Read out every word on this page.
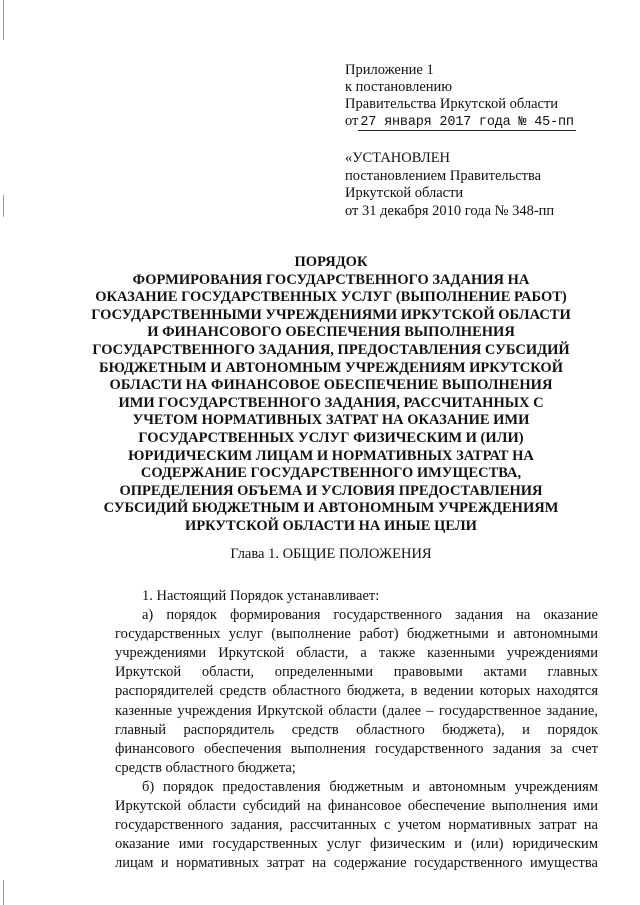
Приложение 1
к постановлению
Правительства Иркутской области
от 27 января 2017 года № 45-пп
«УСТАНОВЛЕН
постановлением Правительства
Иркутской области
от 31 декабря 2010 года № 348-пп
ПОРЯДОК
ФОРМИРОВАНИЯ ГОСУДАРСТВЕННОГО ЗАДАНИЯ НА
ОКАЗАНИЕ ГОСУДАРСТВЕННЫХ УСЛУГ (ВЫПОЛНЕНИЕ РАБОТ)
ГОСУДАРСТВЕННЫМИ УЧРЕЖДЕНИЯМИ ИРКУТСКОЙ ОБЛАСТИ
И ФИНАНСОВОГО ОБЕСПЕЧЕНИЯ ВЫПОЛНЕНИЯ
ГОСУДАРСТВЕННОГО ЗАДАНИЯ, ПРЕДОСТАВЛЕНИЯ СУБСИДИЙ
БЮДЖЕТНЫМ И АВТОНОМНЫМ УЧРЕЖДЕНИЯМ ИРКУТСКОЙ
ОБЛАСТИ НА ФИНАНСОВОЕ ОБЕСПЕЧЕНИЕ ВЫПОЛНЕНИЯ
ИМИ ГОСУДАРСТВЕННОГО ЗАДАНИЯ, РАССЧИТАННЫХ С
УЧЕТОМ НОРМАТИВНЫХ ЗАТРАТ НА ОКАЗАНИЕ ИМИ
ГОСУДАРСТВЕННЫХ УСЛУГ ФИЗИЧЕСКИМ И (ИЛИ)
ЮРИДИЧЕСКИМ ЛИЦАМ И НОРМАТИВНЫХ ЗАТРАТ НА
СОДЕРЖАНИЕ ГОСУДАРСТВЕННОГО ИМУЩЕСТВА,
ОПРЕДЕЛЕНИЯ ОБЪЕМА И УСЛОВИЯ ПРЕДОСТАВЛЕНИЯ
СУБСИДИЙ БЮДЖЕТНЫМ И АВТОНОМНЫМ УЧРЕЖДЕНИЯМ
ИРКУТСКОЙ ОБЛАСТИ НА ИНЫЕ ЦЕЛИ
Глава 1. ОБЩИЕ ПОЛОЖЕНИЯ

1. Настоящий Порядок устанавливает:

а) порядок формирования государственного задания на оказание

государственных услуг (выполнение работ) бюджетными и автономными

учреждениями Иркутской области, а также казенными учреждениями

Иркутской области, определенными правовыми актами главных

распорядителей средств областного бюджета, в ведении которых находятся

казенные учреждения Иркутской области (далее – государственное задание,

главный распорядитель средств областного бюджета), и порядок

финансового обеспечения выполнения государственного задания за счет

средств областного бюджета;

б) порядок предоставления бюджетным и автономным учреждениям

Иркутской области субсидий на финансовое обеспечение выполнения ими

государственного задания, рассчитанных с учетом нормативных затрат на

оказание ими государственных услуг физическим и (или) юридическим

лицам и нормативных затрат на содержание государственного имущества
